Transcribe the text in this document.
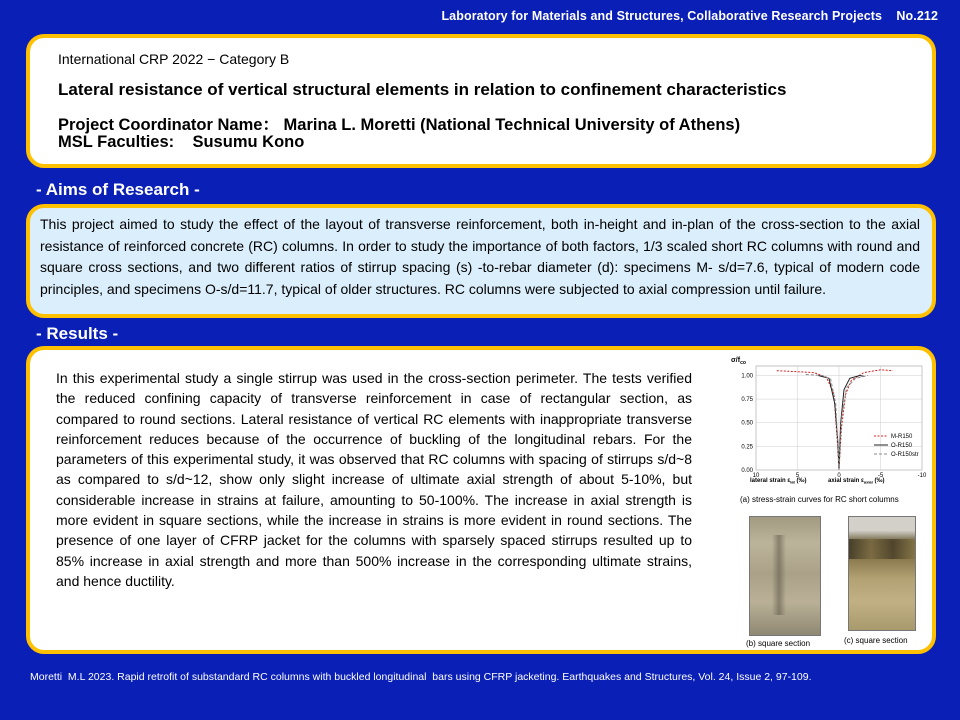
Laboratory for Materials and Structures, Collaborative Research Projects    No.212
International CRP 2022 − Category B
Lateral resistance of vertical structural elements in relation to confinement characteristics
Project Coordinator Name： Marina L. Moretti (National Technical University of Athens)
MSL Faculties:    Susumu Kono
- Aims of Research -
This project aimed to study the effect of the layout of transverse reinforcement, both in-height and in-plan of the cross-section to the axial resistance of reinforced concrete (RC) columns. In order to study the importance of both factors, 1/3 scaled short RC columns with round and square cross sections, and two different ratios of stirrup spacing (s) -to-rebar diameter (d): specimens M- s/d=7.6, typical of modern code principles, and specimens O-s/d=11.7, typical of older structures. RC columns were subjected to axial compression until failure.
- Results -
In this experimental study a single stirrup was used in the cross-section perimeter. The tests verified the reduced confining capacity of transverse reinforcement in case of rectangular section, as compared to round sections. Lateral resistance of vertical RC elements with inappropriate transverse reinforcement reduces because of the occurrence of buckling of the longitudinal rebars. For the parameters of this experimental study, it was observed that RC columns with spacing of stirrups s/d~8 as compared to s/d~12, show only slight increase of ultimate axial strength of about 5-10%, but considerable increase in strains at failure, amounting to 50-100%. The increase in axial strength is more evident in square sections, while the increase in strains is more evident in round sections. The presence of one layer of CFRP jacket for the columns with sparsely spaced stirrups resulted up to 85% increase in axial strength and more than 500% increase in the corresponding ultimate strains, and hence ductility.
$\sigma/f_{co}$
0.00
0.25
0.50
0.75
1.00
10	5	0	-5	-10
M-R150
O-R150
O-R150str
lateral strain $\varepsilon_{lat}$ (‰)	axial strain $\varepsilon_{axial}$ (‰)
(a) stress-strain curves for RC short columns
(b) square section	(c) square section
Moretti  M.L 2023. Rapid retrofit of substandard RC columns with buckled longitudinal  bars using CFRP jacketing. Earthquakes and Structures, Vol. 24, Issue 2, 97-109.
